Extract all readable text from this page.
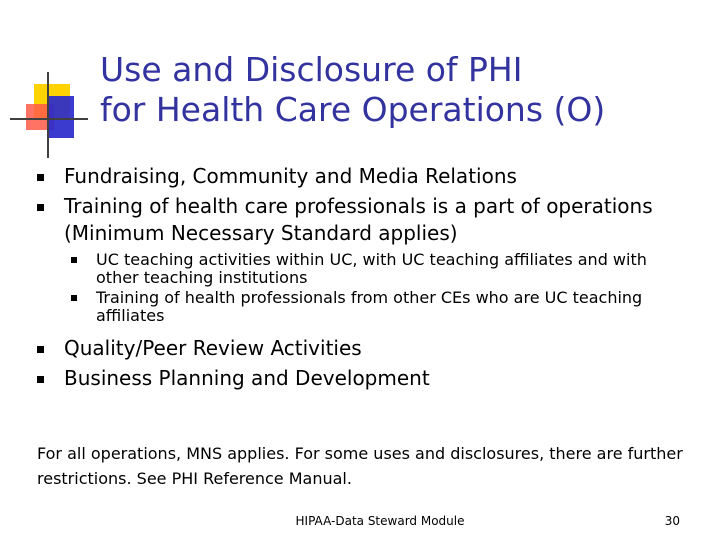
Use and Disclosure of PHI
for Health Care Operations (O)
Fundraising, Community and Media Relations
Training of health care professionals is a part of operations (Minimum Necessary Standard applies)
UC teaching activities within UC, with UC teaching affiliates and with other teaching institutions
Training of health professionals from other CEs who are UC teaching affiliates
Quality/Peer Review Activities
Business Planning and Development
For all operations, MNS applies. For some uses and disclosures, there are further restrictions. See PHI Reference Manual.
HIPAA-Data Steward Module	30
